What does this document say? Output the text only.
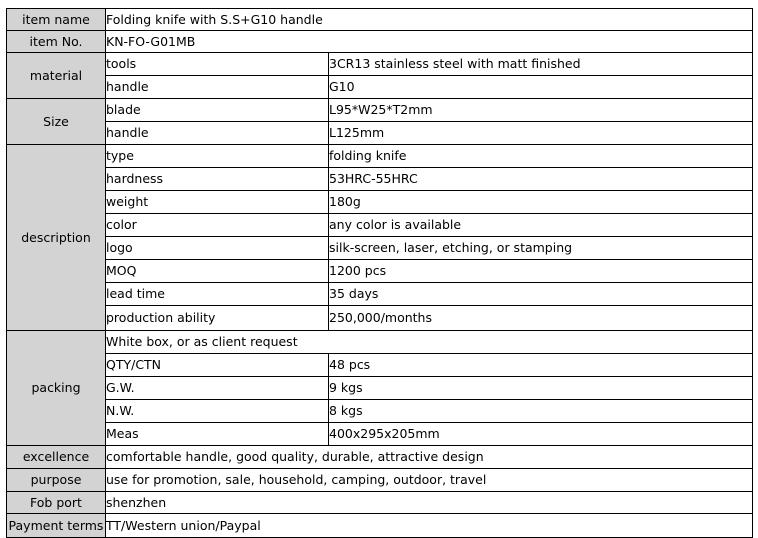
item name	Folding knife with S.S+G10 handle	
item No.	KN-FO-G01MB	
material	tools	3CR13 stainless steel with matt finished
	handle	G10
Size	blade	L95*W25*T2mm
	handle	L125mm
description	type	folding knife
	hardness	53HRC-55HRC
	weight	180g
	color	any color is available
	logo	silk-screen, laser, etching, or stamping
	MOQ	1200 pcs
	lead time	35 days
	production ability	250,000/months
packing	White box, or as client request	
	QTY/CTN	48 pcs
	G.W.	9 kgs
	N.W.	8 kgs
	Meas	400x295x205mm
excellence	comfortable handle, good quality, durable, attractive design	
purpose	use for promotion, sale, household, camping, outdoor, travel	
Fob port	shenzhen	
Payment terms	TT/Western union/Paypal	
